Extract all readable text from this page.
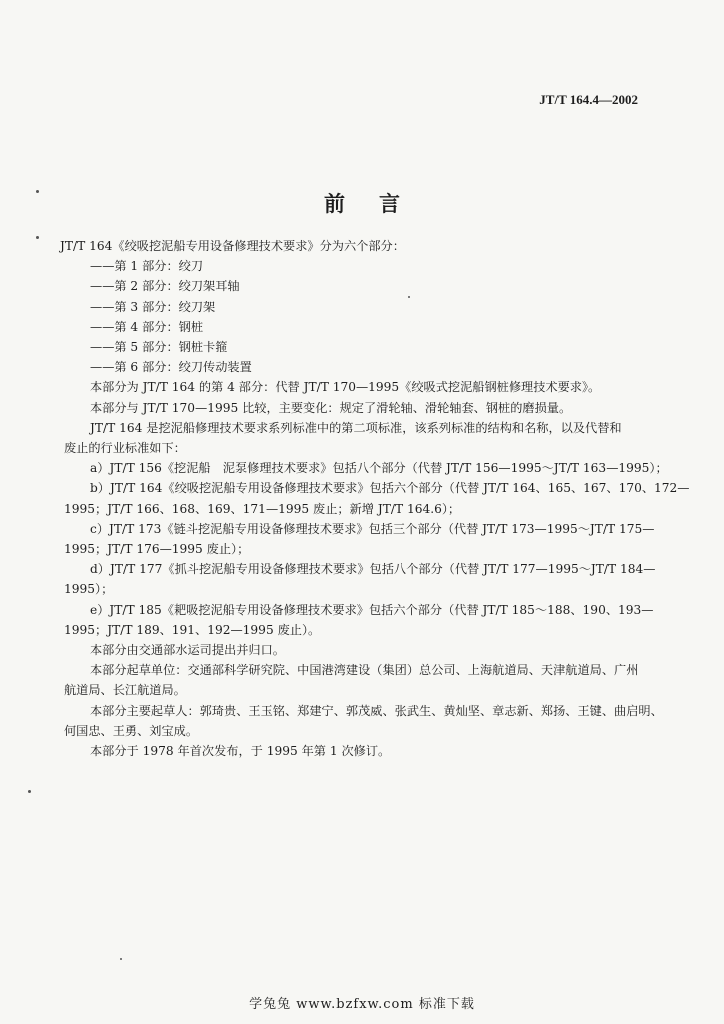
JT/T 164.4—2002
前言

JT/T 164《绞吸挖泥船专用设备修理技术要求》分为六个部分：

——第 1 部分：绞刀

——第 2 部分：绞刀架耳轴

——第 3 部分：绞刀架

——第 4 部分：钢桩

——第 5 部分：钢桩卡箍

——第 6 部分：绞刀传动装置

本部分为 JT/T 164 的第 4 部分：代替 JT/T 170—1995《绞吸式挖泥船钢桩修理技术要求》。

本部分与 JT/T 170—1995 比较，主要变化：规定了滑轮轴、滑轮轴套、钢桩的磨损量。

JT/T 164 是挖泥船修理技术要求系列标准中的第二项标准，该系列标准的结构和名称，以及代替和

废止的行业标准如下：

a）JT/T 156《挖泥船　泥泵修理技术要求》包括八个部分（代替 JT/T 156—1995～JT/T 163—1995）；

b）JT/T 164《绞吸挖泥船专用设备修理技术要求》包括六个部分（代替 JT/T 164、165、167、170、172—

1995；JT/T 166、168、169、171—1995 废止；新增 JT/T 164.6）；

c）JT/T 173《链斗挖泥船专用设备修理技术要求》包括三个部分（代替 JT/T 173—1995～JT/T 175—

1995；JT/T 176—1995 废止）；

d）JT/T 177《抓斗挖泥船专用设备修理技术要求》包括八个部分（代替 JT/T 177—1995～JT/T 184—

1995）；

e）JT/T 185《耙吸挖泥船专用设备修理技术要求》包括六个部分（代替 JT/T 185～188、190、193—

1995；JT/T 189、191、192—1995 废止）。

本部分由交通部水运司提出并归口。

本部分起草单位：交通部科学研究院、中国港湾建设（集团）总公司、上海航道局、天津航道局、广州

航道局、长江航道局。

本部分主要起草人：郭琦贵、王玉铭、郑建宁、郭茂威、张武生、黄灿坚、章志新、郑扬、王键、曲启明、

何国忠、王勇、刘宝成。

本部分于 1978 年首次发布，于 1995 年第 1 次修订。

学兔兔 www.bzfxw.com 标准下载
